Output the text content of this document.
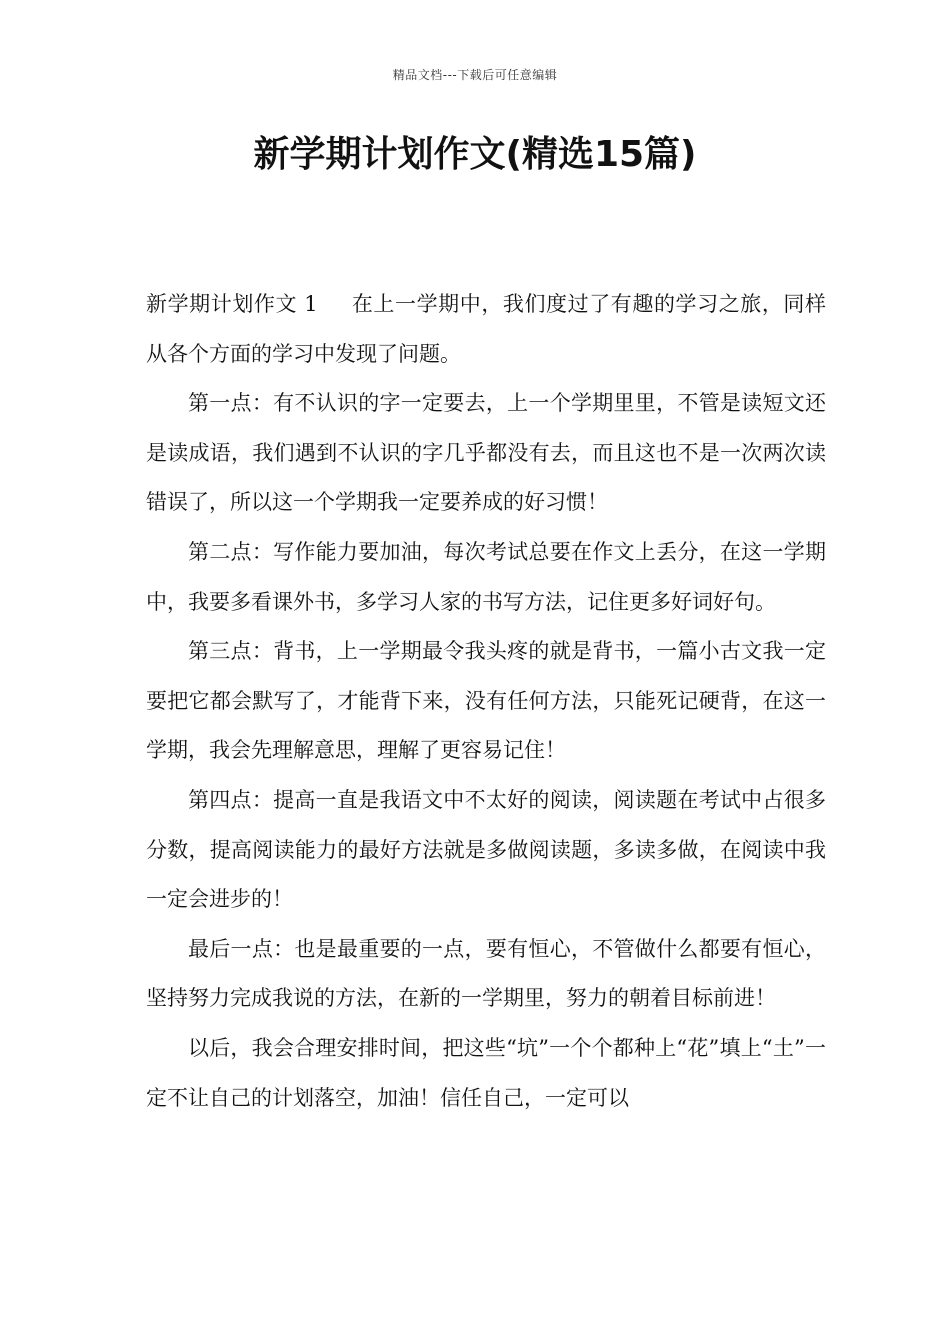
精品文档---下载后可任意编辑
新学期计划作文(精选15篇)

新学期计划作文 1 在上一学期中，我们度过了有趣的学习之旅，同样从各个方面的学习中发现了问题。

第一点：有不认识的字一定要去，上一个学期里里，不管是读短文还是读成语，我们遇到不认识的字几乎都没有去，而且这也不是一次两次读错误了，所以这一个学期我一定要养成的好习惯！

第二点：写作能力要加油，每次考试总要在作文上丢分，在这一学期中，我要多看课外书，多学习人家的书写方法，记住更多好词好句。

第三点：背书，上一学期最令我头疼的就是背书，一篇小古文我一定要把它都会默写了，才能背下来，没有任何方法，只能死记硬背，在这一学期，我会先理解意思，理解了更容易记住！

第四点：提高一直是我语文中不太好的阅读，阅读题在考试中占很多分数，提高阅读能力的最好方法就是多做阅读题，多读多做，在阅读中我一定会进步的！

最后一点：也是最重要的一点，要有恒心，不管做什么都要有恒心，坚持努力完成我说的方法，在新的一学期里，努力的朝着目标前进！

以后，我会合理安排时间，把这些“坑”一个个都种上“花”填上“土”一定不让自己的计划落空，加油！信任自己，一定可以
